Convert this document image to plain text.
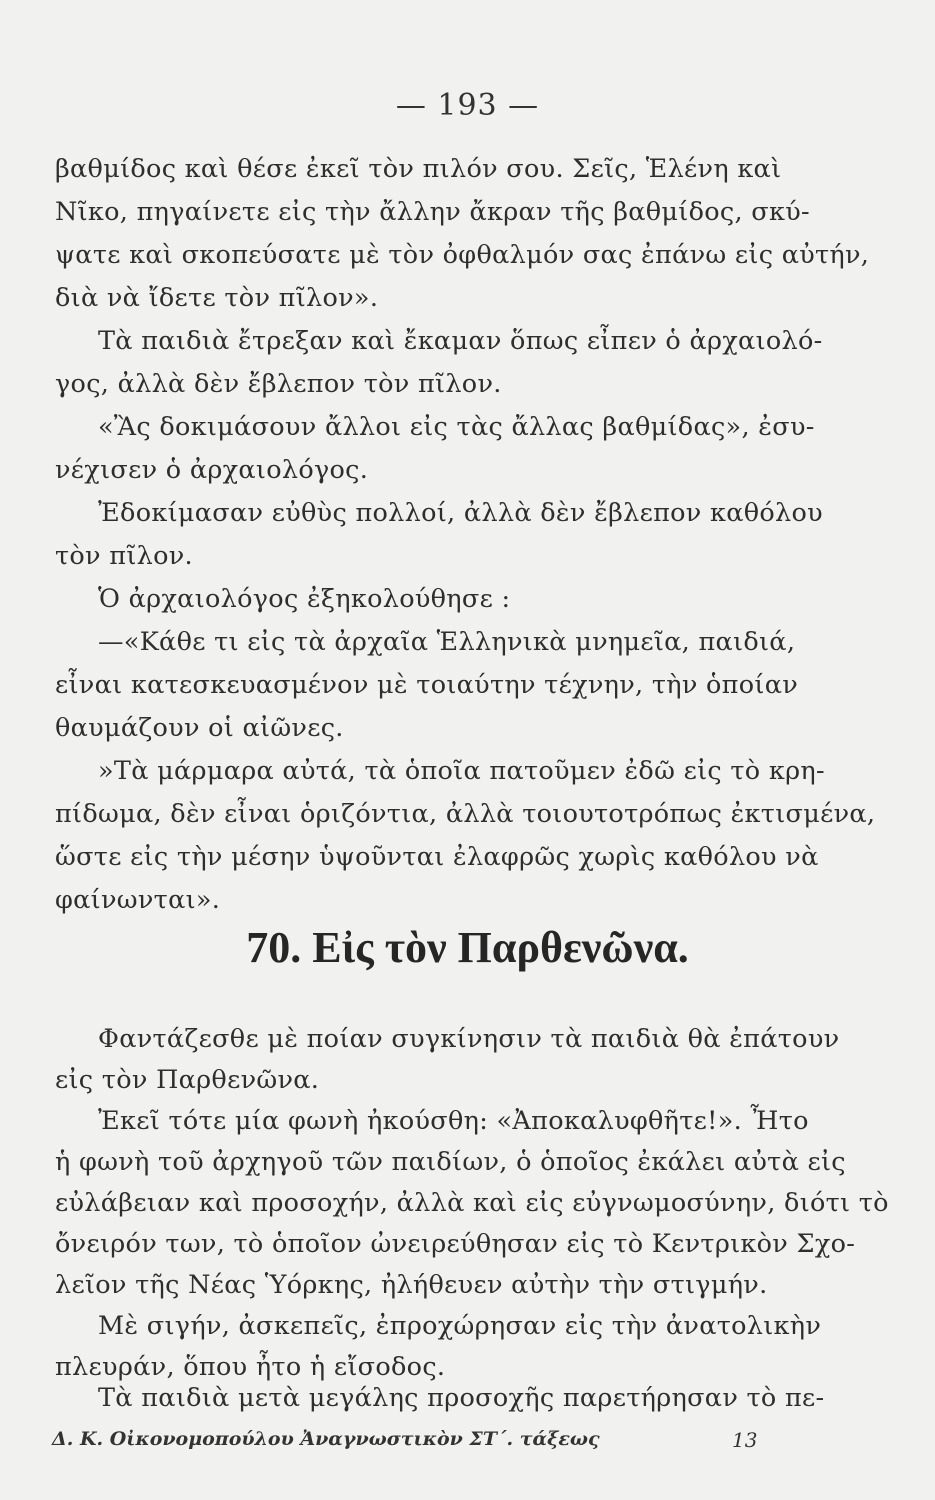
— 193 —
βαθμίδος καὶ θέσε ἐκεῖ τὸν πιλόν σου. Σεῖς, Ἑλένη καὶ
Νῖκο, πηγαίνετε εἰς τὴν ἄλλην ἄκραν τῆς βαθμίδος, σκύ-
ψατε καὶ σκοπεύσατε μὲ τὸν ὀφθαλμόν σας ἐπάνω εἰς αὐτήν,
διὰ νὰ ἴδετε τὸν πῖλον».
Τὰ παιδιὰ ἔτρεξαν καὶ ἔκαμαν ὅπως εἶπεν ὁ ἀρχαιολό-
γος, ἀλλὰ δὲν ἔβλεπον τὸν πῖλον.
«Ἂς δοκιμάσουν ἄλλοι εἰς τὰς ἄλλας βαθμίδας», ἐσυ-
νέχισεν ὁ ἀρχαιολόγος.
Ἐδοκίμασαν εὐθὺς πολλοί, ἀλλὰ δὲν ἔβλεπον καθόλου
τὸν πῖλον.
Ὁ ἀρχαιολόγος ἐξηκολούθησε :
—«Κάθε τι εἰς τὰ ἀρχαῖα Ἑλληνικὰ μνημεῖα, παιδιά,
εἶναι κατεσκευασμένον μὲ τοιαύτην τέχνην, τὴν ὁποίαν
θαυμάζουν οἱ αἰῶνες.
»Τὰ μάρμαρα αὐτά, τὰ ὁποῖα πατοῦμεν ἐδῶ εἰς τὸ κρη-
πίδωμα, δὲν εἶναι ὁριζόντια, ἀλλὰ τοιουτοτρόπως ἐκτισμένα,
ὥστε εἰς τὴν μέσην ὑψοῦνται ἐλαφρῶς χωρὶς καθόλου νὰ
φαίνωνται».
70. Εἰς τὸν Παρθενῶνα.
Φαντάζεσθε μὲ ποίαν συγκίνησιν τὰ παιδιὰ θὰ ἐπάτουν
εἰς τὸν Παρθενῶνα.
Ἐκεῖ τότε μία φωνὴ ἠκούσθη: «Ἀποκαλυφθῆτε!». Ἦτο
ἡ φωνὴ τοῦ ἀρχηγοῦ τῶν παιδίων, ὁ ὁποῖος ἐκάλει αὐτὰ εἰς
εὐλάβειαν καὶ προσοχήν, ἀλλὰ καὶ εἰς εὐγνωμοσύνην, διότι τὸ
ὄνειρόν των, τὸ ὁποῖον ὠνειρεύθησαν εἰς τὸ Κεντρικὸν Σχο-
λεῖον τῆς Νέας Ὑόρκης, ἠλήθευεν αὐτὴν τὴν στιγμήν.
Μὲ σιγήν, ἀσκεπεῖς, ἐπροχώρησαν εἰς τὴν ἀνατολικὴν
πλευράν, ὅπου ἦτο ἡ εἴσοδος.
Δ. Κ. Οἰκονομοπούλου Ἀναγνωστικὸν ΣΤ΄. τάξεως	13
Τὰ παιδιὰ μετὰ μεγάλης προσοχῆς παρετήρησαν τὸ πε-
